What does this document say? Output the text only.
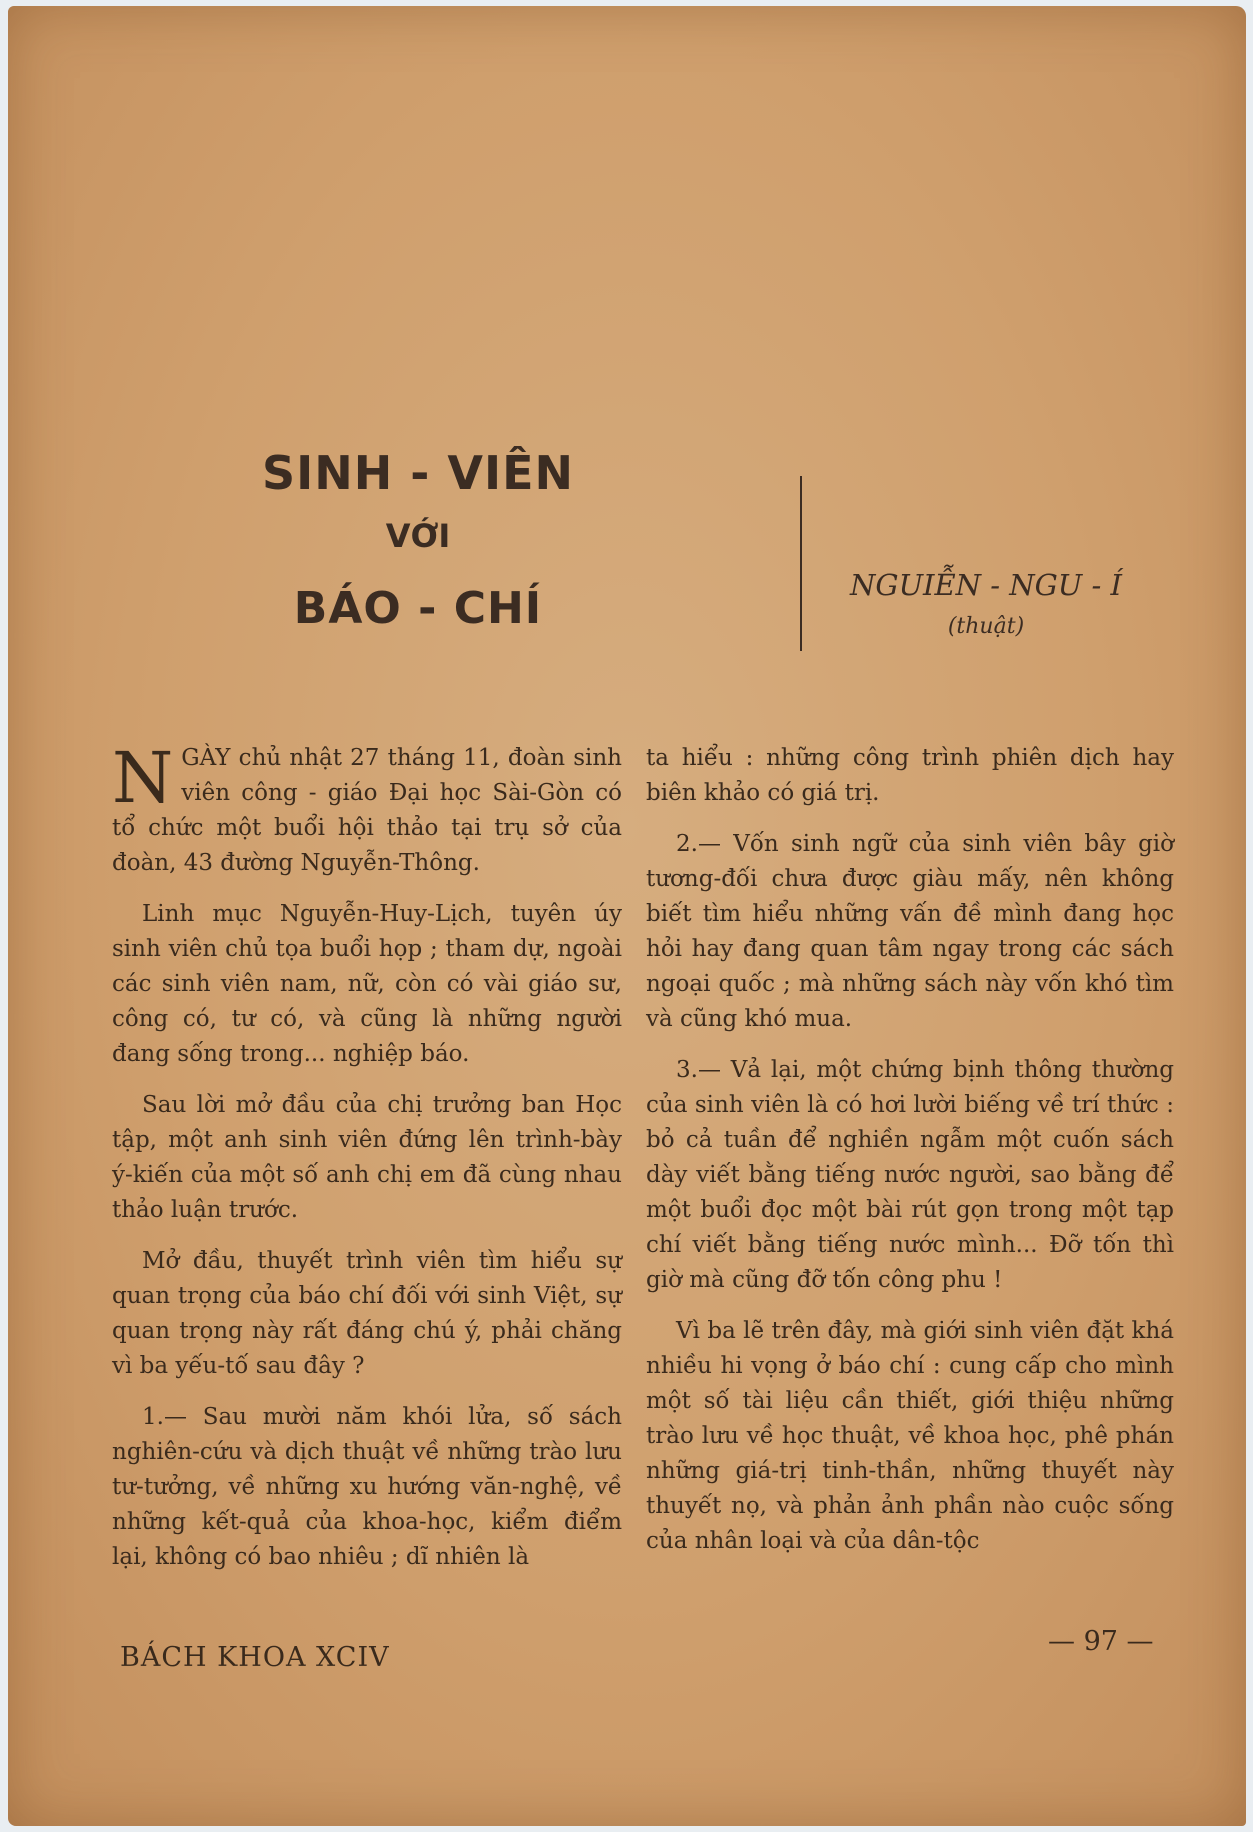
SINH - VIÊN
VỚI
BÁO - CHÍ	NGUIỄN - NGU - Í
(thuật)

NGÀY chủ nhật 27 tháng 11, đoàn sinh viên công - giáo Đại học Sài-Gòn có tổ chức một buổi hội thảo tại trụ sở của đoàn, 43 đường Nguyễn-Thông.

Linh mục Nguyễn-Huy-Lịch, tuyên úy sinh viên chủ tọa buổi họp ; tham dự, ngoài các sinh viên nam, nữ, còn có vài giáo sư, công có, tư có, và cũng là những người đang sống trong... nghiệp báo.

Sau lời mở đầu của chị trưởng ban Học tập, một anh sinh viên đứng lên trình-bày ý-kiến của một số anh chị em đã cùng nhau thảo luận trước.

Mở đầu, thuyết trình viên tìm hiểu sự quan trọng của báo chí đối với sinh Việt, sự quan trọng này rất đáng chú ý, phải chăng vì ba yếu-tố sau đây ?

1.— Sau mười năm khói lửa, số sách nghiên-cứu và dịch thuật về những trào lưu tư-tưởng, về những xu hướng văn-nghệ, về những kết-quả của khoa-học, kiểm điểm lại, không có bao nhiêu ; dĩ nhiên là

ta hiểu : những công trình phiên dịch hay biên khảo có giá trị.

2.— Vốn sinh ngữ của sinh viên bây giờ tương-đối chưa được giàu mấy, nên không biết tìm hiểu những vấn đề mình đang học hỏi hay đang quan tâm ngay trong các sách ngoại quốc ; mà những sách này vốn khó tìm và cũng khó mua.

3.— Vả lại, một chứng bịnh thông thường của sinh viên là có hơi lười biếng về trí thức : bỏ cả tuần để nghiền ngẫm một cuốn sách dày viết bằng tiếng nước người, sao bằng để một buổi đọc một bài rút gọn trong một tạp chí viết bằng tiếng nước mình... Đỡ tốn thì giờ mà cũng đỡ tốn công phu !

Vì ba lẽ trên đây, mà giới sinh viên đặt khá nhiều hi vọng ở báo chí : cung cấp cho mình một số tài liệu cần thiết, giới thiệu những trào lưu về học thuật, về khoa học, phê phán những giá-trị tinh-thần, những thuyết này thuyết nọ, và phản ảnh phần nào cuộc sống của nhân loại và của dân-tộc

BÁCH KHOA XCIV
— 97 —
